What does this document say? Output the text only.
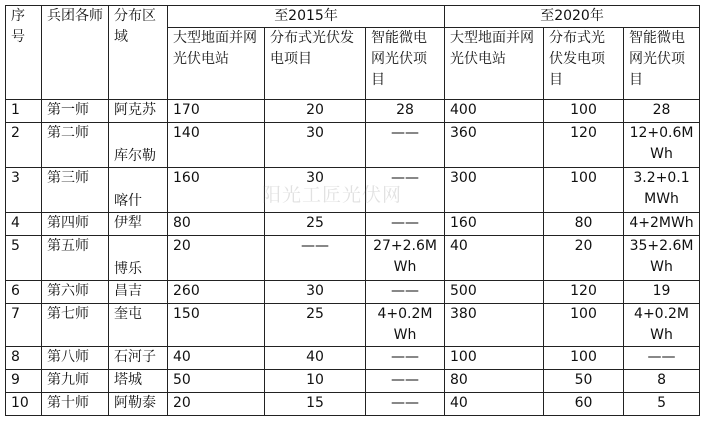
序号	兵团各师	分布区域	至2015年			至2020年		
			大型地面并网光伏电站	分布式光伏发电项目	智能微电网光伏项目	大型地面并网光伏电站	分布式光伏发电项目	智能微电网光伏项目
1	第一师	阿克苏	170	20	28	400	100	28
2	第二师	库尔勒	140	30	——	360	120	12+0.6MWh
3	第三师	喀什	160	30	——	300	100	3.2+0.1MWh
4	第四师	伊犁	80	25	——	160	80	4+2MWh
5	第五师	博乐	20	——	27+2.6MWh	40	20	35+2.6MWh
6	第六师	昌吉	260	30	——	500	120	19
7	第七师	奎屯	150	25	4+0.2MWh	380	100	4+0.2MWh
8	第八师	石河子	40	40	——	100	100	——
9	第九师	塔城	50	10	——	80	50	8
10	第十师	阿勒泰	20	15	——	40	60	5
阳光工匠光伏网
